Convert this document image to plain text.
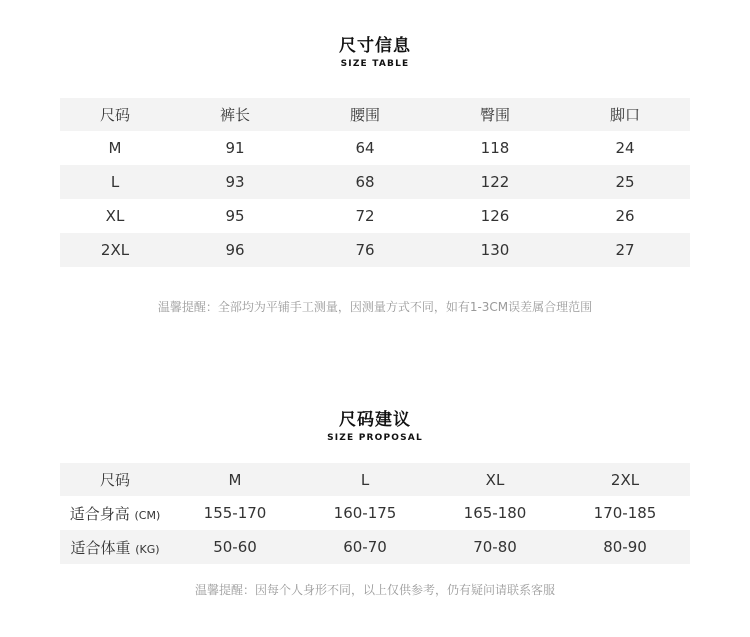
尺寸信息
SIZE TABLE
尺码	裤长	腰围	臀围	脚口
M	91	64	118	24
L	93	68	122	25
XL	95	72	126	26
2XL	96	76	130	27
温馨提醒：全部均为平铺手工测量，因测量方式不同，如有1-3CM误差属合理范围
尺码建议
SIZE PROPOSAL
尺码	M	L	XL	2XL
适合身高 (CM)	155-170	160-175	165-180	170-185
适合体重 (KG)	50-60	60-70	70-80	80-90
温馨提醒：因每个人身形不同，以上仅供参考，仍有疑问请联系客服
